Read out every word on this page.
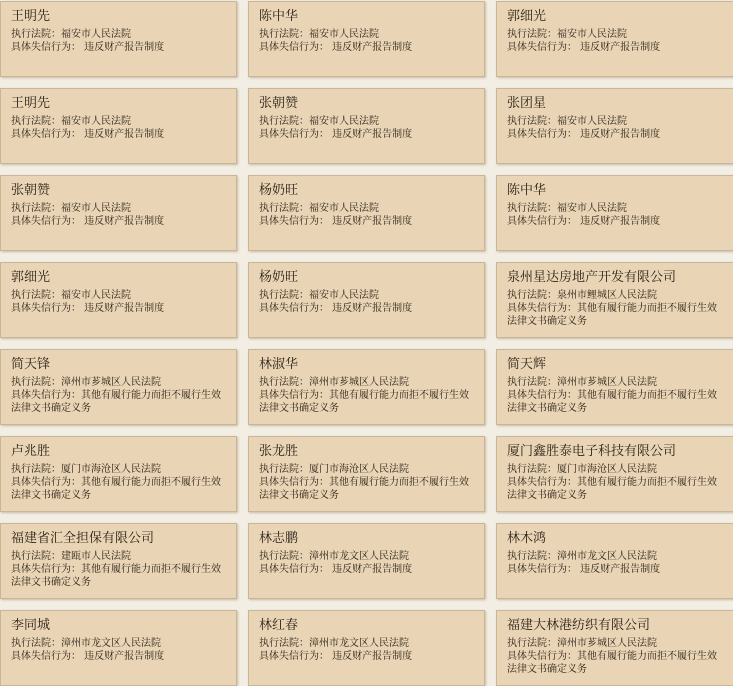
王明先
执行法院：福安市人民法院
具体失信行为： 违反财产报告制度
陈中华
执行法院：福安市人民法院
具体失信行为： 违反财产报告制度
郭细光
执行法院：福安市人民法院
具体失信行为： 违反财产报告制度
王明先
执行法院：福安市人民法院
具体失信行为： 违反财产报告制度
张朝赞
执行法院：福安市人民法院
具体失信行为： 违反财产报告制度
张团星
执行法院：福安市人民法院
具体失信行为： 违反财产报告制度
张朝赞
执行法院：福安市人民法院
具体失信行为： 违反财产报告制度
杨奶旺
执行法院：福安市人民法院
具体失信行为： 违反财产报告制度
陈中华
执行法院：福安市人民法院
具体失信行为： 违反财产报告制度
郭细光
执行法院：福安市人民法院
具体失信行为： 违反财产报告制度
杨奶旺
执行法院：福安市人民法院
具体失信行为： 违反财产报告制度
泉州星达房地产开发有限公司
执行法院：泉州市鲤城区人民法院
具体失信行为：其他有履行能力而拒不履行生效法律文书确定义务
简天锋
执行法院：漳州市芗城区人民法院
具体失信行为：其他有履行能力而拒不履行生效法律文书确定义务
林淑华
执行法院：漳州市芗城区人民法院
具体失信行为：其他有履行能力而拒不履行生效法律文书确定义务
简天辉
执行法院：漳州市芗城区人民法院
具体失信行为：其他有履行能力而拒不履行生效法律文书确定义务
卢兆胜
执行法院：厦门市海沧区人民法院
具体失信行为：其他有履行能力而拒不履行生效法律文书确定义务
张龙胜
执行法院：厦门市海沧区人民法院
具体失信行为：其他有履行能力而拒不履行生效法律文书确定义务
厦门鑫胜泰电子科技有限公司
执行法院：厦门市海沧区人民法院
具体失信行为：其他有履行能力而拒不履行生效法律文书确定义务
福建省汇全担保有限公司
执行法院：建瓯市人民法院
具体失信行为：其他有履行能力而拒不履行生效法律文书确定义务
林志鹏
执行法院：漳州市龙文区人民法院
具体失信行为： 违反财产报告制度
林木鸿
执行法院：漳州市龙文区人民法院
具体失信行为： 违反财产报告制度
李同城
执行法院：漳州市龙文区人民法院
具体失信行为： 违反财产报告制度
林红春
执行法院：漳州市龙文区人民法院
具体失信行为： 违反财产报告制度
福建大林港纺织有限公司
执行法院：漳州市芗城区人民法院
具体失信行为：其他有履行能力而拒不履行生效法律文书确定义务
